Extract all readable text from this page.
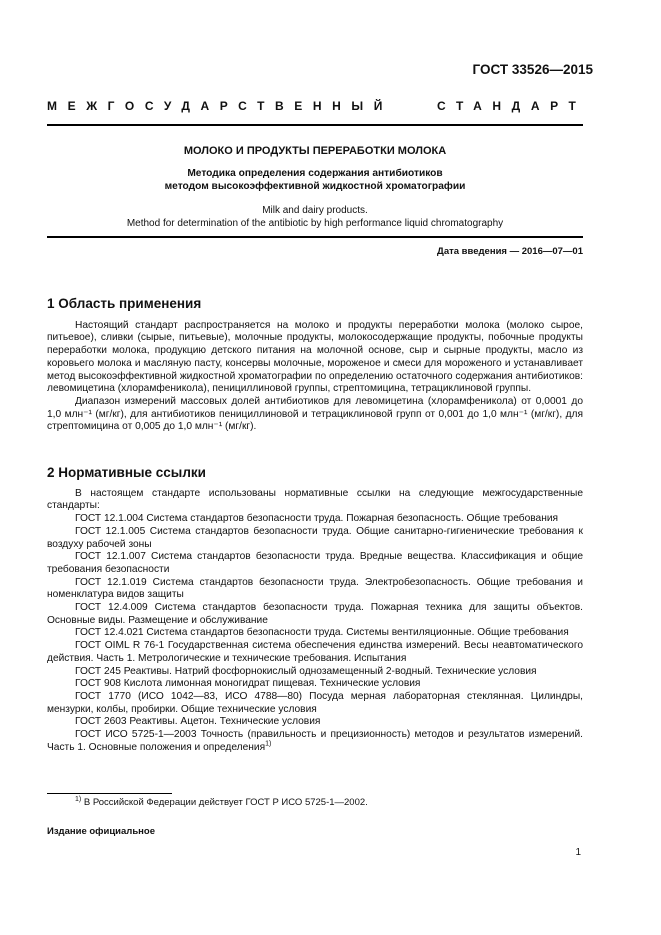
ГОСТ 33526—2015
МЕЖГОСУДАРСТВЕННЫЙ	СТАНДАРТ
МОЛОКО И ПРОДУКТЫ ПЕРЕРАБОТКИ МОЛОКА
Методика определения содержания антибиотиков
методом высокоэффективной жидкостной хроматографии
Milk and dairy products.
Method for determination of the antibiotic by high performance liquid chromatography
Дата введения — 2016—07—01
1 Область применения

Настоящий стандарт распространяется на молоко и продукты переработки молока (молоко сырое, питьевое), сливки (сырые, питьевые), молочные продукты, молокосодержащие продукты, побочные продукты переработки молока, продукцию детского питания на молочной основе, сыр и сырные продукты, масло из коровьего молока и масляную пасту, консервы молочные, мороженое и смеси для мороженого и устанавливает метод высокоэффективной жидкостной хроматографии по определению остаточного содержания антибиотиков: левомицетина (хлорамфеникола), пенициллиновой группы, стрептомицина, тетрациклиновой группы.

Диапазон измерений массовых долей антибиотиков для левомицетина (хлорамфеникола) от 0,0001 до 1,0 млн⁻¹ (мг/кг), для антибиотиков пенициллиновой и тетрациклиновой групп от 0,001 до 1,0 млн⁻¹ (мг/кг), для стрептомицина от 0,005 до 1,0 млн⁻¹ (мг/кг).

2 Нормативные ссылки

В настоящем стандарте использованы нормативные ссылки на следующие межгосударственные стандарты:

ГОСТ 12.1.004 Система стандартов безопасности труда. Пожарная безопасность. Общие требования

ГОСТ 12.1.005 Система стандартов безопасности труда. Общие санитарно-гигиенические требования к воздуху рабочей зоны

ГОСТ 12.1.007 Система стандартов безопасности труда. Вредные вещества. Классификация и общие требования безопасности

ГОСТ 12.1.019 Система стандартов безопасности труда. Электробезопасность. Общие требования и номенклатура видов защиты

ГОСТ 12.4.009 Система стандартов безопасности труда. Пожарная техника для защиты объектов. Основные виды. Размещение и обслуживание

ГОСТ 12.4.021 Система стандартов безопасности труда. Системы вентиляционные. Общие требования

ГОСТ OIML R 76-1 Государственная система обеспечения единства измерений. Весы неавтоматического действия. Часть 1. Метрологические и технические требования. Испытания

ГОСТ 245 Реактивы. Натрий фосфорнокислый однозамещенный 2-водный. Технические условия

ГОСТ 908 Кислота лимонная моногидрат пищевая. Технические условия

ГОСТ 1770 (ИСО 1042—83, ИСО 4788—80) Посуда мерная лабораторная стеклянная. Цилиндры, мензурки, колбы, пробирки. Общие технические условия

ГОСТ 2603 Реактивы. Ацетон. Технические условия

ГОСТ ИСО 5725-1—2003 Точность (правильность и прецизионность) методов и результатов измерений. Часть 1. Основные положения и определения$^{1)}$

$^{1)}$ В Российской Федерации действует ГОСТ Р ИСО 5725-1—2002.
Издание официальное
1
